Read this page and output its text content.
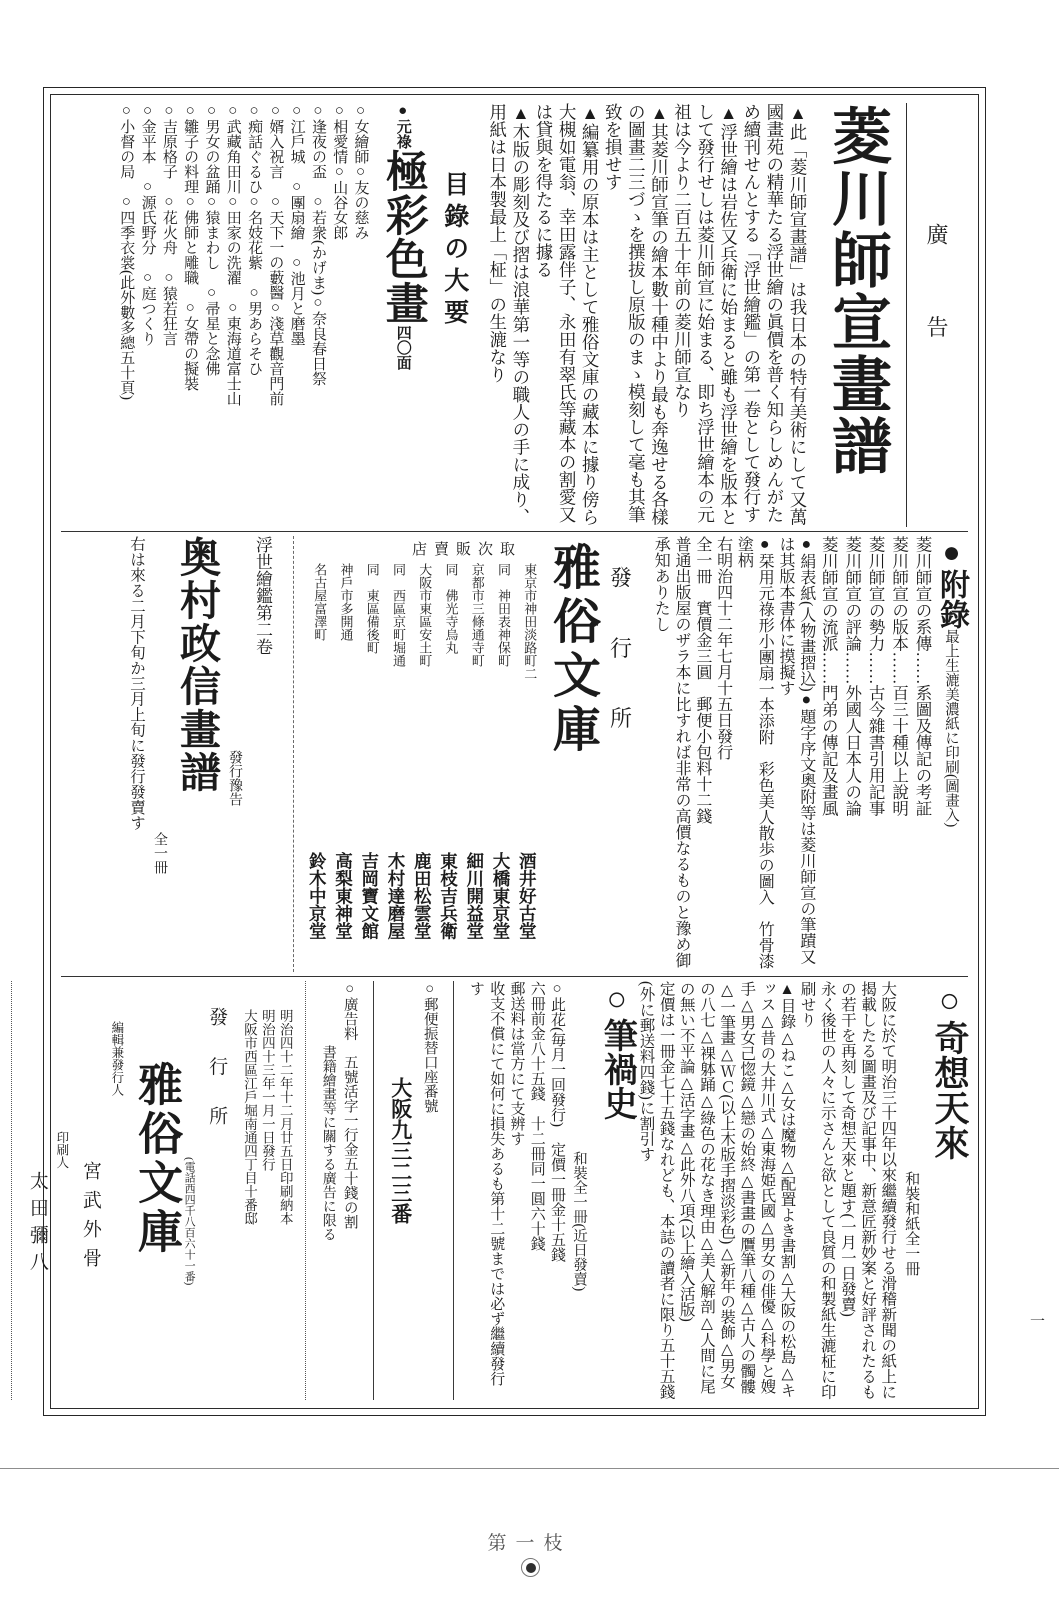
廣告
菱川師宣畫譜

▲此「菱川師宣畫譜」は我日本の特有美術にして又萬國畫苑の精華たる浮世繪の眞價を普く知らしめんがため續刊せんとする「浮世繪鑑」の第一卷として發行す

▲浮世繪は岩佐又兵衛に始まると雖も浮世繪を版本として發行せしは菱川師宣に始まる、即ち浮世繪本の元祖は今より二百五十年前の菱川師宣なり

▲其菱川師宣筆の繪本數十種中より最も奔逸せる各樣の圖畫二三づゝを撰拔し原版のまゝ模刻して毫も其筆致を損せす

▲編纂用の原本は主として雅俗文庫の藏本に據り傍ら大槻如電翁、幸田露伴子、永田有翠氏等藏本の割愛又は貸與を得たるに據る

▲木版の彫刻及び摺は浪華第一等の職人の手に成り、用紙は日本製最上「柾」の生漉なり

目錄の大要
●元祿極彩色畫四〇面
○女繪師○友の慈み
○相愛情○山谷女郎
○逢夜の盃　○若衆(かげま)○奈良春日祭
○江戶城　○團扇繪　○池月と磨墨
○婿入祝言　○天下一の藪醫○淺草觀音門前
○痴話ぐるひ○名妓花紫　○男あらそひ
○武藏角田川○田家の洗濯　○東海道富士山
○男女の盆踊○猿まわし　○帚星と念佛
○雛子の料理○佛師と雕職　○女帶の擬裝
○吉原格子　○花火舟　○猿若狂言
○金平本　○源氏野分　○庭つくり
○小督の局　○四季衣裳(此外數多總五十頁)
●附錄最上生漉美濃紙に印刷(圖畫入)

菱川師宣の系傳……系圖及傳記の考証

菱川師宣の版本……百三十種以上說明

菱川師宣の勢力……古今雜書引用記事

菱川師宣の評論……外國人日本人の論

菱川師宣の流派……門弟の傳記及畫風

●絹表紙(人物畫摺込)●題字序文奧附等は菱川師宣の筆蹟又は其版本書体に摸擬す

●栞用元祿形小團扇一本添附　彩色美人散歩の圖入　竹骨漆塗柄

右明治四十二年七月十五日發行

全一冊　實價金三圓　郵便小包料十二錢

普通出版屋のザラ本に比すれば非常の高價なるものと豫め御承知ありたし

發行所
雅俗文庫
店賣販次取
東京市神田淡路町二
酒井好古堂
同　神田表神保町
大橋東京堂
京都市三條通寺町
細川開益堂
同　佛光寺烏丸
東枝吉兵衛
大阪市東區安土町
鹿田松雲堂
同　西區京町堀通
木村達磨屋
同　東區備後町
吉岡寶文館
神戶市多開通
高梨東神堂
名古屋富澤町
鈴木中京堂
浮世繪鑑第二卷
發行豫告
奥村政信畫譜
全一冊
右は來る二月下旬か三月上旬に發行發賣す
○奇想天來
和裝和紙全一冊

大阪に於て明治三十四年以來繼續發行せる滑稽新聞の紙上に揭載したる圖畫及び記事中、新意匠新妙案と好評されたるもの若干を再刻して奇想天來と題す(一月一日發賣)

永く後世の人々に示さんと欲として良質の和製紙生漉柾に印刷せり

▲目錄△ねこ△女は魔物△配置よき書割△大阪の松島△キッス△昔の大井川式△東海姫氏國△男女の俳優△科學と嫂手△男女己惚鏡△戀の始終△書畫の贋筆八種△古人の髑髏△一筆畫△ＷＣ(以上木版手摺淡彩色)△新年の裝飾△男女の八七△裸躰踊△綠色の花なき理由△美人解剖△人間に尾の無い不平論△活字畫△此外八項(以上繪入活版)

定價は一冊金七十五錢なれども、本誌の讀者に限り五十五錢(外に郵送料四錢)に割引す

○筆禍史
和裝全一冊(近日發賣)

○此花(毎月一回發行)　定價一冊金十五錢

六冊前金八十五錢　十二冊同一圓六十錢

郵送料は當方にて支辨す

收支不償にて如何に損失あるも第十二號までは必ず繼續發行す

○郵便振替口座番號
大阪九三二三番
○廣告料　五號活字一行金五十錢の割
書籍繪畫等に關する廣告に限る

明治四十二年十二月廿五日印刷納本

明治四十三年一月一日發行

大阪市西區江戶堀南通四丁目十番邸

發行所
(電話西四千八百六十一番)
雅俗文庫
編輯兼發行人
宮武外骨
印刷人
太田彌八
第一枝
一
